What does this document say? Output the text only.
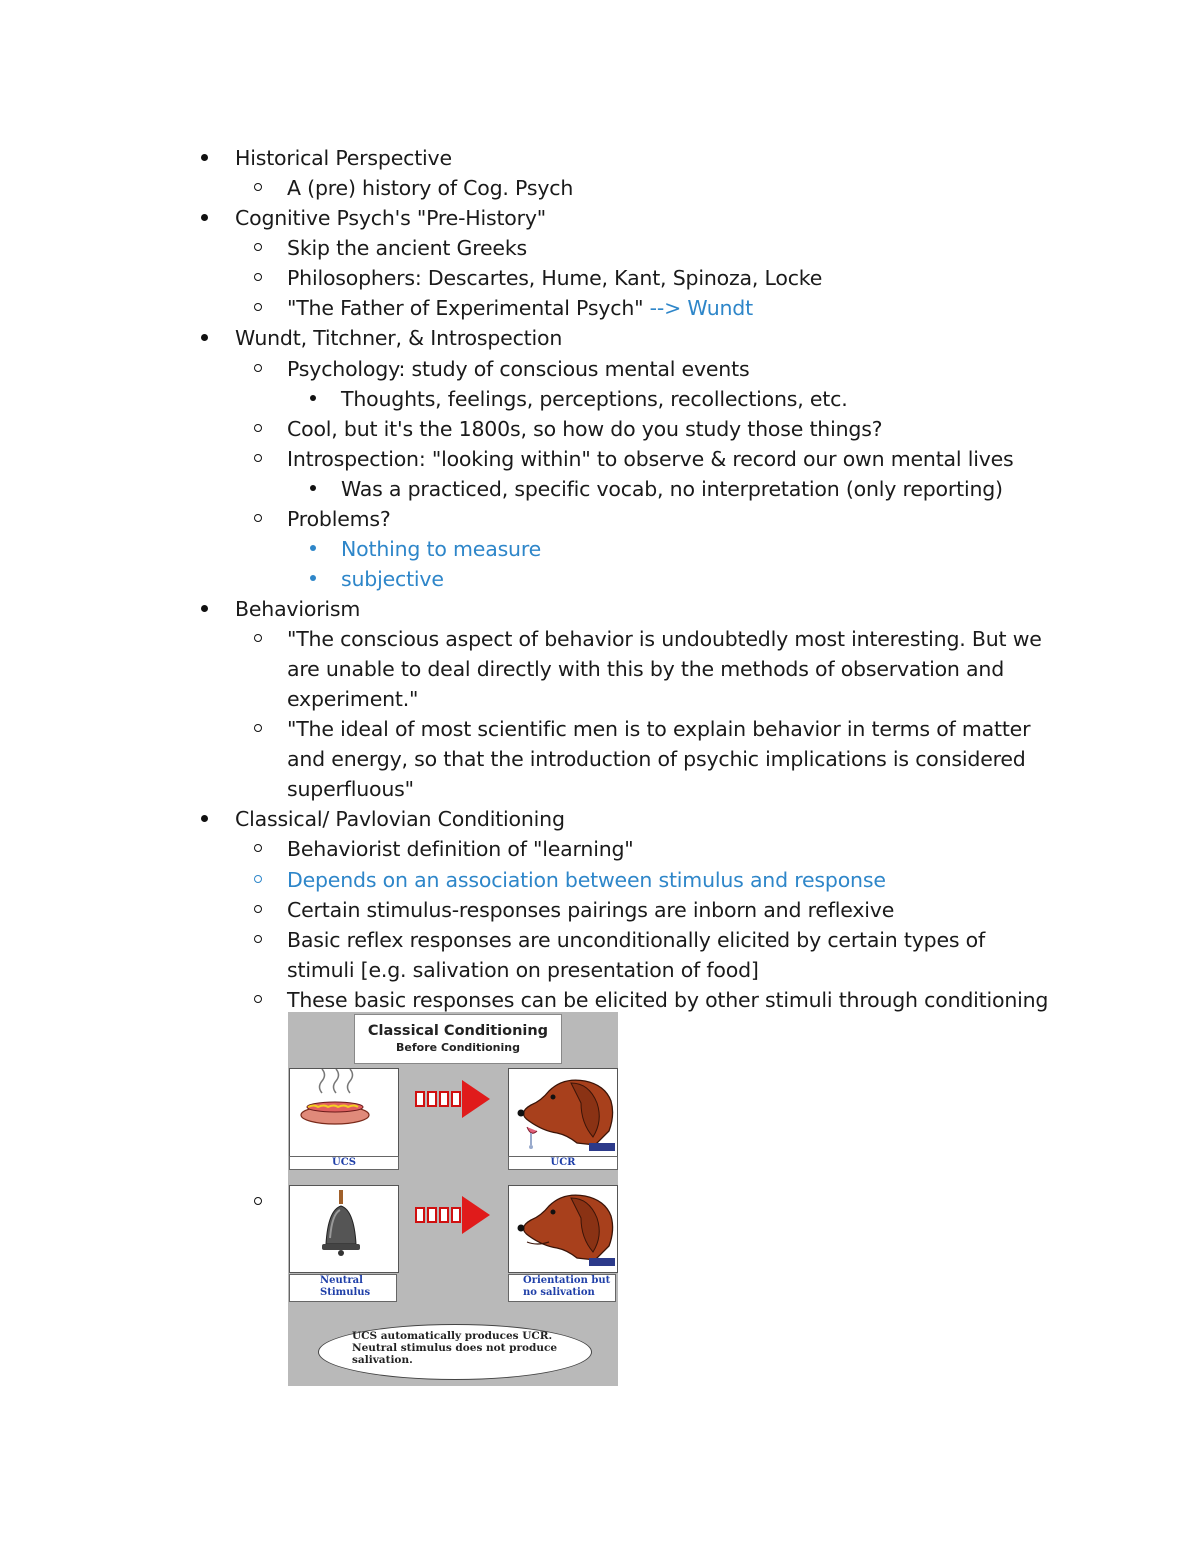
Historical Perspective
A (pre) history of Cog. Psych
Cognitive Psych's "Pre-History"
Skip the ancient Greeks
Philosophers: Descartes, Hume, Kant, Spinoza, Locke
"The Father of Experimental Psych" --> Wundt
Wundt, Titchner, & Introspection
Psychology: study of conscious mental events
Thoughts, feelings, perceptions, recollections, etc.
Cool, but it's the 1800s, so how do you study those things?
Introspection: "looking within" to observe & record our own mental lives
Was a practiced, specific vocab, no interpretation (only reporting)
Problems?
Nothing to measure
subjective
Behaviorism
"The conscious aspect of behavior is undoubtedly most interesting. But we are unable to deal directly with this by the methods of observation and experiment."
"The ideal of most scientific men is to explain behavior in terms of matter and energy, so that the introduction of psychic implications is considered superfluous"
Classical/ Pavlovian Conditioning
Behaviorist definition of "learning"
Depends on an association between stimulus and response
Certain stimulus-responses pairings are inborn and reflexive
Basic reflex responses are unconditionally elicited by certain types of stimuli [e.g. salivation on presentation of food]
These basic responses can be elicited by other stimuli through conditioning
Classical Conditioning
Before Conditioning
UCS	UCR
Neutral Stimulus
Orientation but no salivation
UCS automatically produces UCR. Neutral stimulus does not produce salivation.
